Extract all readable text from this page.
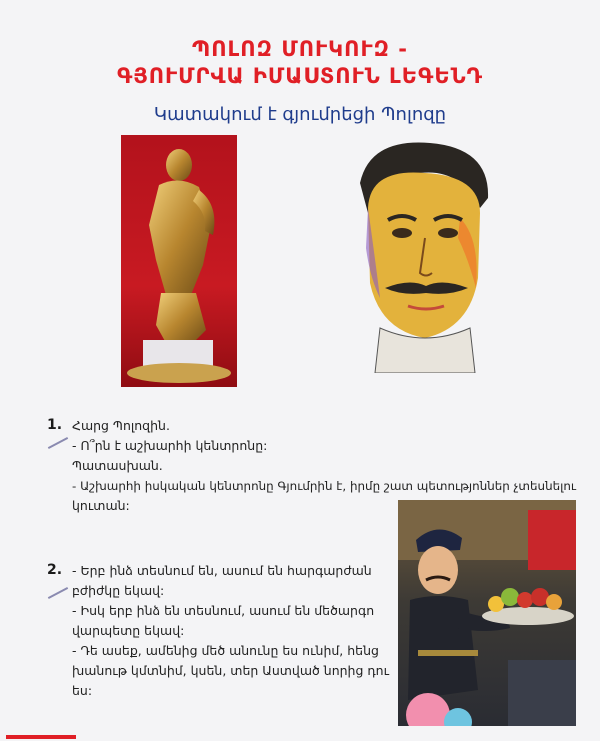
ՊՈԼՈԶ ՄՈՒԿՈՒԶ -
ԳՅՈՒՄՐՎԱ ԻՄԱՍՏՈՒՆ ԼԵԳԵՆԴ
Կատակում է գյումրեցի Պոլոզը
1. Հարց Պոլոզին.
- Ո՞րն է աշխարհի կենտրոնը:
Պատասխան.
- Աշխարհի իսկական կենտրոնը Գյումրին է, իրմը շատ պետությոններ չտեսնելու
կուտան:
2. - Երբ ինձ տեսնում են, ասում են հարգարժան
բժիժկը եկավ:
- Իսկ երբ ինձ են տեսնում, ասում են մեծարգո
վարպետը եկավ:
- Դե ասեք, ամենից մեծ անունը ես ունիմ, հենց
խանութ կմտնիմ, կսեն, տեր Աստված նորից դու
ես:
